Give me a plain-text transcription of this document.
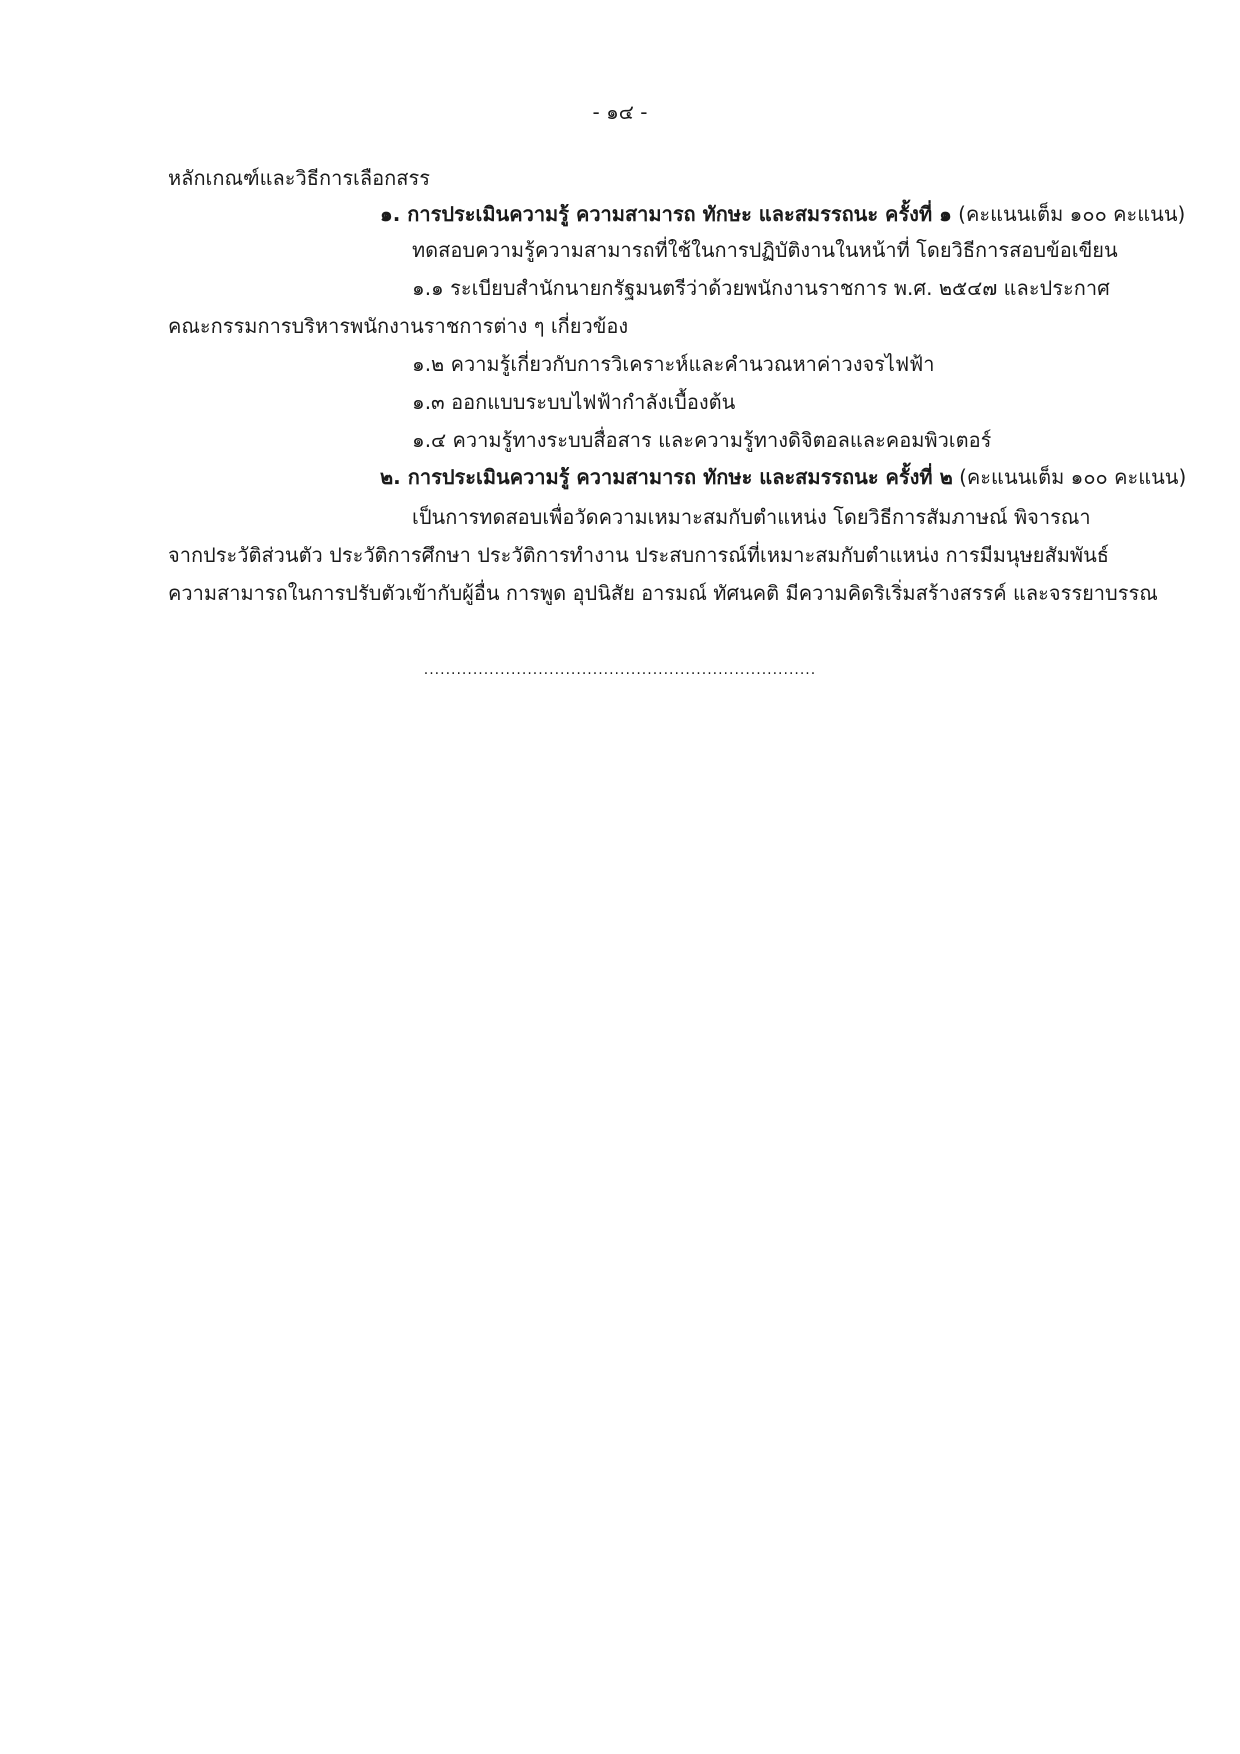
- ๑๔ -
หลักเกณฑ์และวิธีการเลือกสรร
๑. การประเมินความรู้ ความสามารถ ทักษะ และสมรรถนะ ครั้งที่ ๑ (คะแนนเต็ม ๑๐๐ คะแนน)
ทดสอบความรู้ความสามารถที่ใช้ในการปฏิบัติงานในหน้าที่ โดยวิธีการสอบข้อเขียน
๑.๑ ระเบียบสำนักนายกรัฐมนตรีว่าด้วยพนักงานราชการ พ.ศ. ๒๕๔๗ และประกาศ
คณะกรรมการบริหารพนักงานราชการต่าง ๆ เกี่ยวข้อง
๑.๒ ความรู้เกี่ยวกับการวิเคราะห์และคำนวณหาค่าวงจรไฟฟ้า
๑.๓ ออกแบบระบบไฟฟ้ากำลังเบื้องต้น
๑.๔ ความรู้ทางระบบสื่อสาร และความรู้ทางดิจิตอลและคอมพิวเตอร์
๒. การประเมินความรู้ ความสามารถ ทักษะ และสมรรถนะ ครั้งที่ ๒ (คะแนนเต็ม ๑๐๐ คะแนน)
เป็นการทดสอบเพื่อวัดความเหมาะสมกับตำแหน่ง โดยวิธีการสัมภาษณ์ พิจารณา
จากประวัติส่วนตัว ประวัติการศึกษา ประวัติการทำงาน ประสบการณ์ที่เหมาะสมกับตำแหน่ง การมีมนุษยสัมพันธ์
ความสามารถในการปรับตัวเข้ากับผู้อื่น การพูด อุปนิสัย อารมณ์ ทัศนคติ มีความคิดริเริ่มสร้างสรรค์ และจรรยาบรรณ
........................................................................
